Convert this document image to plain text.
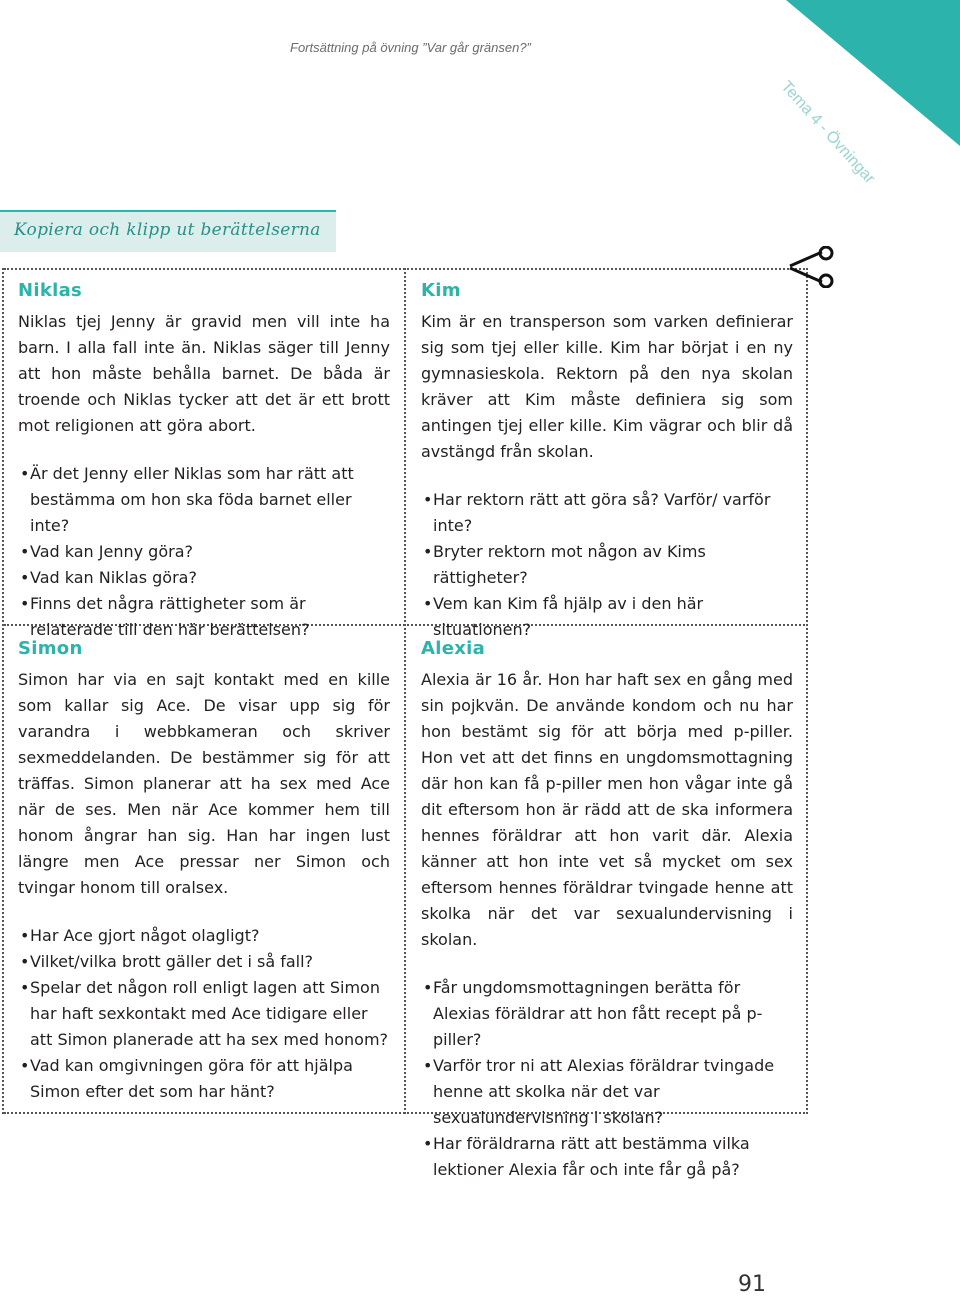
Fortsättning på övning ”Var går gränsen?”
Tema 4 - Övningar
Kopiera och klipp ut berättelserna
Niklas

Niklas tjej Jenny är gravid men vill inte ha barn. I alla fall inte än. Niklas säger till Jenny att hon måste behålla barnet. De båda är troende och Niklas tycker att det är ett brott mot religionen att göra abort.

•Är det Jenny eller Niklas som har rätt att bestämma om hon ska föda barnet eller inte?
•Vad kan Jenny göra?
•Vad kan Niklas göra?
•Finns det några rättigheter som är relaterade till den här berättelsen?
Kim

Kim är en transperson som varken definierar sig som tjej eller kille. Kim har börjat i en ny gymnasieskola. Rektorn på den nya skolan kräver att Kim måste definiera sig som antingen tjej eller kille. Kim vägrar och blir då avstängd från skolan.

•Har rektorn rätt att göra så? Varför/ varför inte?
•Bryter rektorn mot någon av Kims rättigheter?
•Vem kan Kim få hjälp av i den här situationen?
Simon

Simon har via en sajt kontakt med en kille som kallar sig Ace. De visar upp sig för varandra i webbkameran och skriver sexmeddelanden. De bestämmer sig för att träffas. Simon planerar att ha sex med Ace när de ses. Men när Ace kommer hem till honom ångrar han sig. Han har ingen lust längre men Ace pressar ner Simon och tvingar honom till oralsex.

•Har Ace gjort något olagligt?
•Vilket/vilka brott gäller det i så fall?
•Spelar det någon roll enligt lagen att Simon har haft sexkontakt med Ace tidigare eller att Simon planerade att ha sex med honom?
•Vad kan omgivningen göra för att hjälpa Simon efter det som har hänt?
Alexia

Alexia är 16 år. Hon har haft sex en gång med sin pojkvän. De använde kondom och nu har hon bestämt sig för att börja med p-piller. Hon vet att det finns en ungdomsmottagning där hon kan få p-piller men hon vågar inte gå dit eftersom hon är rädd att de ska informera hennes föräldrar att hon varit där. Alexia känner att hon inte vet så mycket om sex eftersom hennes föräldrar tvingade henne att skolka när det var sexualundervisning i skolan.

•Får ungdomsmottagningen berätta för Alexias föräldrar att hon fått recept på p-piller?
•Varför tror ni att Alexias föräldrar tvingade henne att skolka när det var sexualundervisning i skolan?
•Har föräldrarna rätt att bestämma vilka lektioner Alexia får och inte får gå på?
91
